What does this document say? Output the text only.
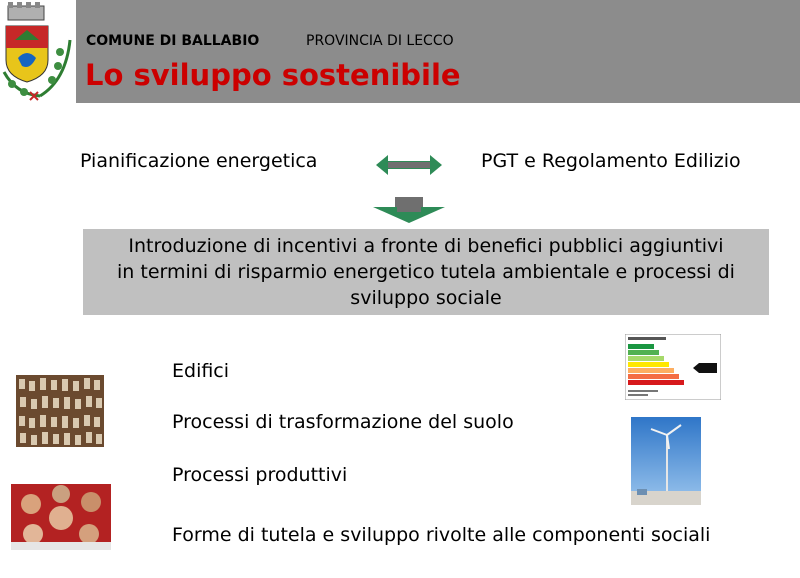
COMUNE DI BALLABIO	PROVINCIA DI LECCO
Lo sviluppo sostenibile
Pianificazione energetica	PGT e Regolamento Edilizio

Introduzione di incentivi a fronte di benefici pubblici aggiuntivi

in termini di risparmio energetico tutela ambientale e processi di

sviluppo sociale

Edifici
Processi di trasformazione del suolo
Processi produttivi
Forme di tutela e sviluppo rivolte alle componenti sociali
